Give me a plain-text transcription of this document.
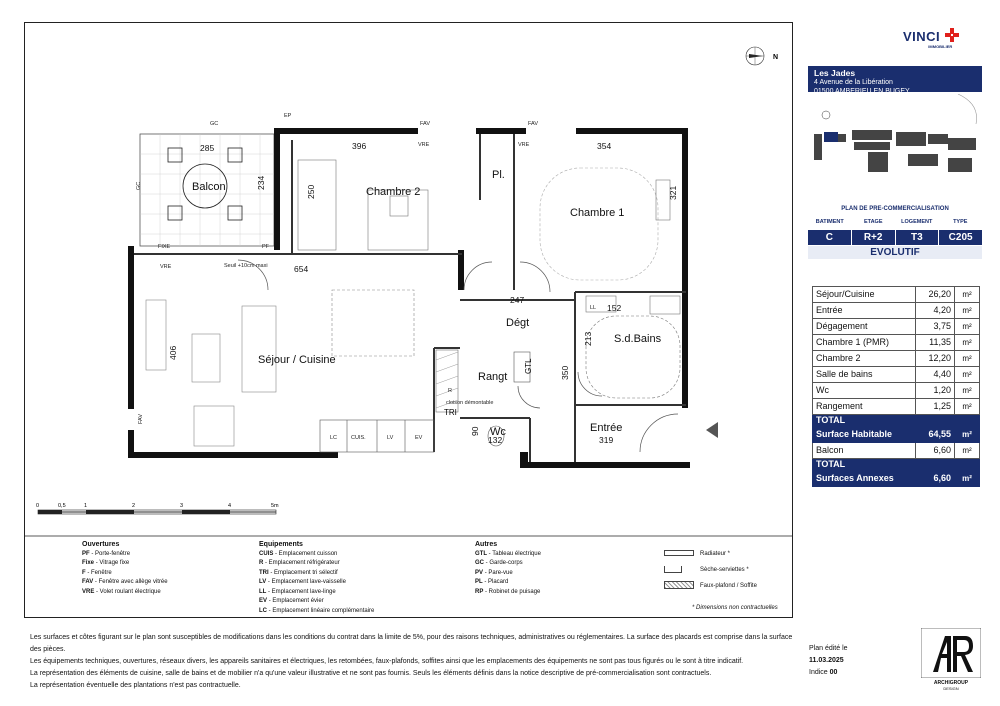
VINCI
IMMOBILIER
N
Balcon	Chambre 2
Pl.
Chambre 1
Séjour / Cuisine
Dégt
S.d.Bains
Rangt
Entrée
Wc
GTL
TRI
GC
EP
FAV	FAV
VRE	VRE
FIXE	PF
VRE	Seuil +10cm maxi
cloison démontable
LC	CUIS.	LV	EV
LL
R
FAV
GC
285
234
396	354
250	321
654
247
152
213
406
350
90
132	319
0	0,5	1	2	3	4	5m
Les Jades
4 Avenue de la Libération
01500 AMBERIEU EN BUGEY
PLAN DE PRE-COMMERCIALISATION
BATIMENT	ETAGE	LOGEMENT	TYPE
C	R+2	T3	C205
EVOLUTIF
Séjour/Cuisine	26,20	m²
Entrée	4,20	m²
Dégagement	3,75	m²
Chambre 1 (PMR)	11,35	m²
Chambre 2	12,20	m²
Salle de bains	4,40	m²
Wc	1,20	m²
Rangement	1,25	m²
TOTAL		
Surface Habitable	64,55	m²
Balcon	6,60	m²
TOTAL		
Surfaces Annexes	6,60	m²
Ouvertures
PF - Porte-fenêtre
Fixe - Vitrage fixe
F - Fenêtre
FAV - Fenêtre avec allège vitrée
VRE - Volet roulant électrique
Equipements
CUIS - Emplacement cuisson
R - Emplacement réfrigérateur
TRI - Emplacement tri sélectif
LV - Emplacement lave-vaisselle
LL - Emplacement lave-linge
EV - Emplacement évier
LC - Emplacement linéaire complémentaire
Autres
GTL - Tableau électrique
GC - Garde-corps
PV - Pare-vue
PL - Placard
RP - Robinet de puisage
Radiateur *
Sèche-serviettes *
Faux-plafond / Soffite
* Dimensions non contractuelles
Les surfaces et côtes figurant sur le plan sont susceptibles de modifications dans les conditions du contrat dans la limite de 5%, pour des raisons techniques, administratives ou réglementaires. La surface des placards est comprise dans la surface des pièces.
Les équipements techniques, ouvertures, réseaux divers, les appareils sanitaires et électriques, les retombées, faux-plafonds, soffites ainsi que les emplacements des équipements ne sont pas tous figurés ou le sont à titre indicatif.
La représentation des éléments de cuisine, salle de bains et de mobilier n'a qu'une valeur illustrative et ne sont pas fournis. Seuls les éléments définis dans la notice descriptive de pré-commercialisation sont contractuels.
La représentation éventuelle des plantations n'est pas contractuelle.
Plan édité le
11.03.2025
Indice 00
ARCHIGROUP
DESIGN
